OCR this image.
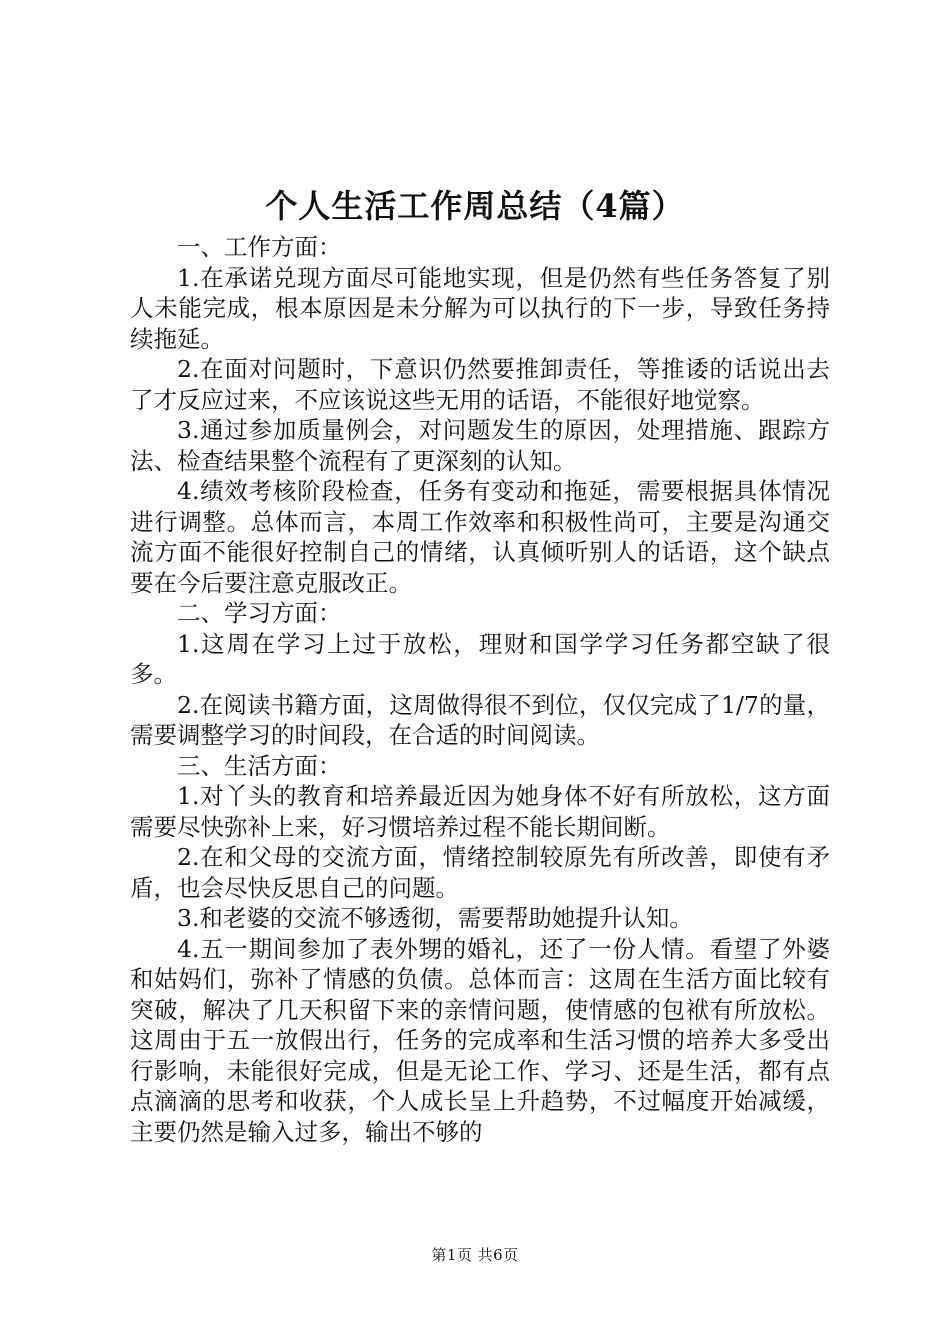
个人生活工作周总结（4篇）

一、工作方面：

1.在承诺兑现方面尽可能地实现，但是仍然有些任务答复了别人未能完成，根本原因是未分解为可以执行的下一步，导致任务持续拖延。

2.在面对问题时，下意识仍然要推卸责任，等推诿的话说出去了才反应过来，不应该说这些无用的话语，不能很好地觉察。

3.通过参加质量例会，对问题发生的原因，处理措施、跟踪方法、检查结果整个流程有了更深刻的认知。

4.绩效考核阶段检查，任务有变动和拖延，需要根据具体情况进行调整。总体而言，本周工作效率和积极性尚可，主要是沟通交流方面不能很好控制自己的情绪，认真倾听别人的话语，这个缺点要在今后要注意克服改正。

二、学习方面：

1.这周在学习上过于放松，理财和国学学习任务都空缺了很多。

2.在阅读书籍方面，这周做得很不到位，仅仅完成了1/7的量，需要调整学习的时间段，在合适的时间阅读。

三、生活方面：

1.对丫头的教育和培养最近因为她身体不好有所放松，这方面需要尽快弥补上来，好习惯培养过程不能长期间断。

2.在和父母的交流方面，情绪控制较原先有所改善，即使有矛盾，也会尽快反思自己的问题。

3.和老婆的交流不够透彻，需要帮助她提升认知。

4.五一期间参加了表外甥的婚礼，还了一份人情。看望了外婆和姑妈们，弥补了情感的负债。总体而言：这周在生活方面比较有突破，解决了几天积留下来的亲情问题，使情感的包袱有所放松。这周由于五一放假出行，任务的完成率和生活习惯的培养大多受出行影响，未能很好完成，但是无论工作、学习、还是生活，都有点点滴滴的思考和收获，个人成长呈上升趋势，不过幅度开始减缓，主要仍然是输入过多，输出不够的

第1页 共6页
